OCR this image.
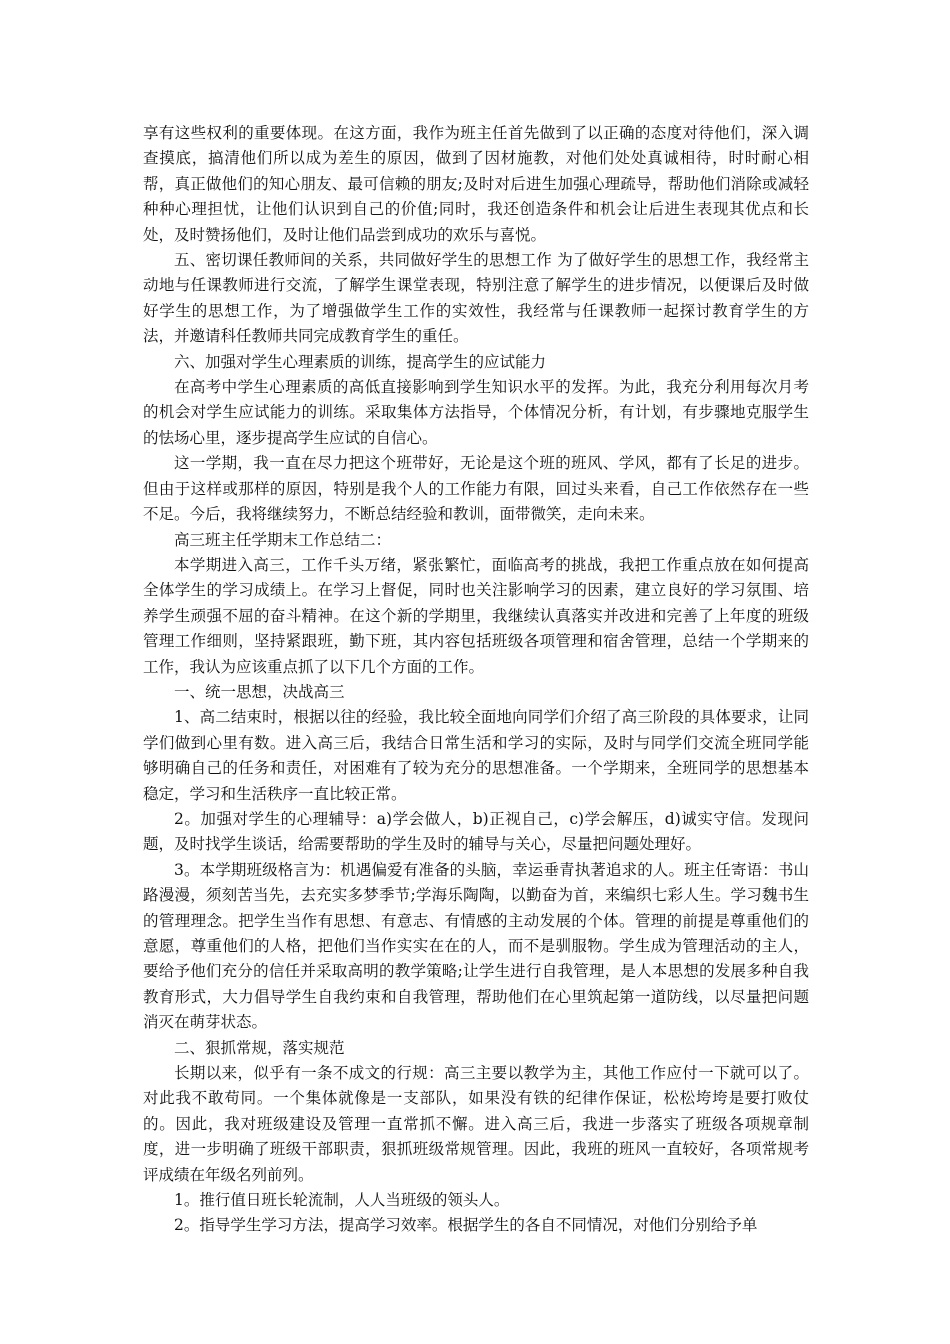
享有这些权利的重要体现。在这方面，我作为班主任首先做到了以正确的态度对待他们，深入调查摸底，搞清他们所以成为差生的原因，做到了因材施教，对他们处处真诚相待，时时耐心相帮，真正做他们的知心朋友、最可信赖的朋友;及时对后进生加强心理疏导，帮助他们消除或减轻种种心理担忧，让他们认识到自己的价值;同时，我还创造条件和机会让后进生表现其优点和长处，及时赞扬他们，及时让他们品尝到成功的欢乐与喜悦。

五、密切课任教师间的关系，共同做好学生的思想工作 为了做好学生的思想工作，我经常主动地与任课教师进行交流，了解学生课堂表现，特别注意了解学生的进步情况，以便课后及时做好学生的思想工作，为了增强做学生工作的实效性，我经常与任课教师一起探讨教育学生的方法，并邀请科任教师共同完成教育学生的重任。

六、加强对学生心理素质的训练，提高学生的应试能力

在高考中学生心理素质的高低直接影响到学生知识水平的发挥。为此，我充分利用每次月考的机会对学生应试能力的训练。采取集体方法指导，个体情况分析，有计划，有步骤地克服学生的怯场心里，逐步提高学生应试的自信心。

这一学期，我一直在尽力把这个班带好，无论是这个班的班风、学风，都有了长足的进步。但由于这样或那样的原因，特别是我个人的工作能力有限，回过头来看，自己工作依然存在一些不足。今后，我将继续努力，不断总结经验和教训，面带微笑，走向未来。

高三班主任学期末工作总结二：

本学期进入高三，工作千头万绪，紧张繁忙，面临高考的挑战，我把工作重点放在如何提高全体学生的学习成绩上。在学习上督促，同时也关注影响学习的因素，建立良好的学习氛围、培养学生顽强不屈的奋斗精神。在这个新的学期里，我继续认真落实并改进和完善了上年度的班级管理工作细则，坚持紧跟班，勤下班，其内容包括班级各项管理和宿舍管理，总结一个学期来的工作，我认为应该重点抓了以下几个方面的工作。

一、统一思想，决战高三

1、高二结束时，根据以往的经验，我比较全面地向同学们介绍了高三阶段的具体要求，让同学们做到心里有数。进入高三后，我结合日常生活和学习的实际，及时与同学们交流全班同学能够明确自己的任务和责任，对困难有了较为充分的思想准备。一个学期来，全班同学的思想基本稳定，学习和生活秩序一直比较正常。

2。加强对学生的心理辅导：a)学会做人，b)正视自己，c)学会解压，d)诚实守信。发现问题，及时找学生谈话，给需要帮助的学生及时的辅导与关心，尽量把问题处理好。

3。本学期班级格言为：机遇偏爱有准备的头脑，幸运垂青执著追求的人。班主任寄语：书山路漫漫，须刻苦当先，去充实多梦季节;学海乐陶陶，以勤奋为首，来编织七彩人生。学习魏书生的管理理念。把学生当作有思想、有意志、有情感的主动发展的个体。管理的前提是尊重他们的意愿，尊重他们的人格，把他们当作实实在在的人，而不是驯服物。学生成为管理活动的主人，要给予他们充分的信任并采取高明的教学策略;让学生进行自我管理，是人本思想的发展多种自我教育形式，大力倡导学生自我约束和自我管理，帮助他们在心里筑起第一道防线，以尽量把问题消灭在萌芽状态。

二、狠抓常规，落实规范

长期以来，似乎有一条不成文的行规：高三主要以教学为主，其他工作应付一下就可以了。对此我不敢苟同。一个集体就像是一支部队，如果没有铁的纪律作保证，松松垮垮是要打败仗的。因此，我对班级建设及管理一直常抓不懈。进入高三后，我进一步落实了班级各项规章制度，进一步明确了班级干部职责，狠抓班级常规管理。因此，我班的班风一直较好，各项常规考评成绩在年级名列前列。

1。推行值日班长轮流制，人人当班级的领头人。

2。指导学生学习方法，提高学习效率。根据学生的各自不同情况，对他们分别给予单
